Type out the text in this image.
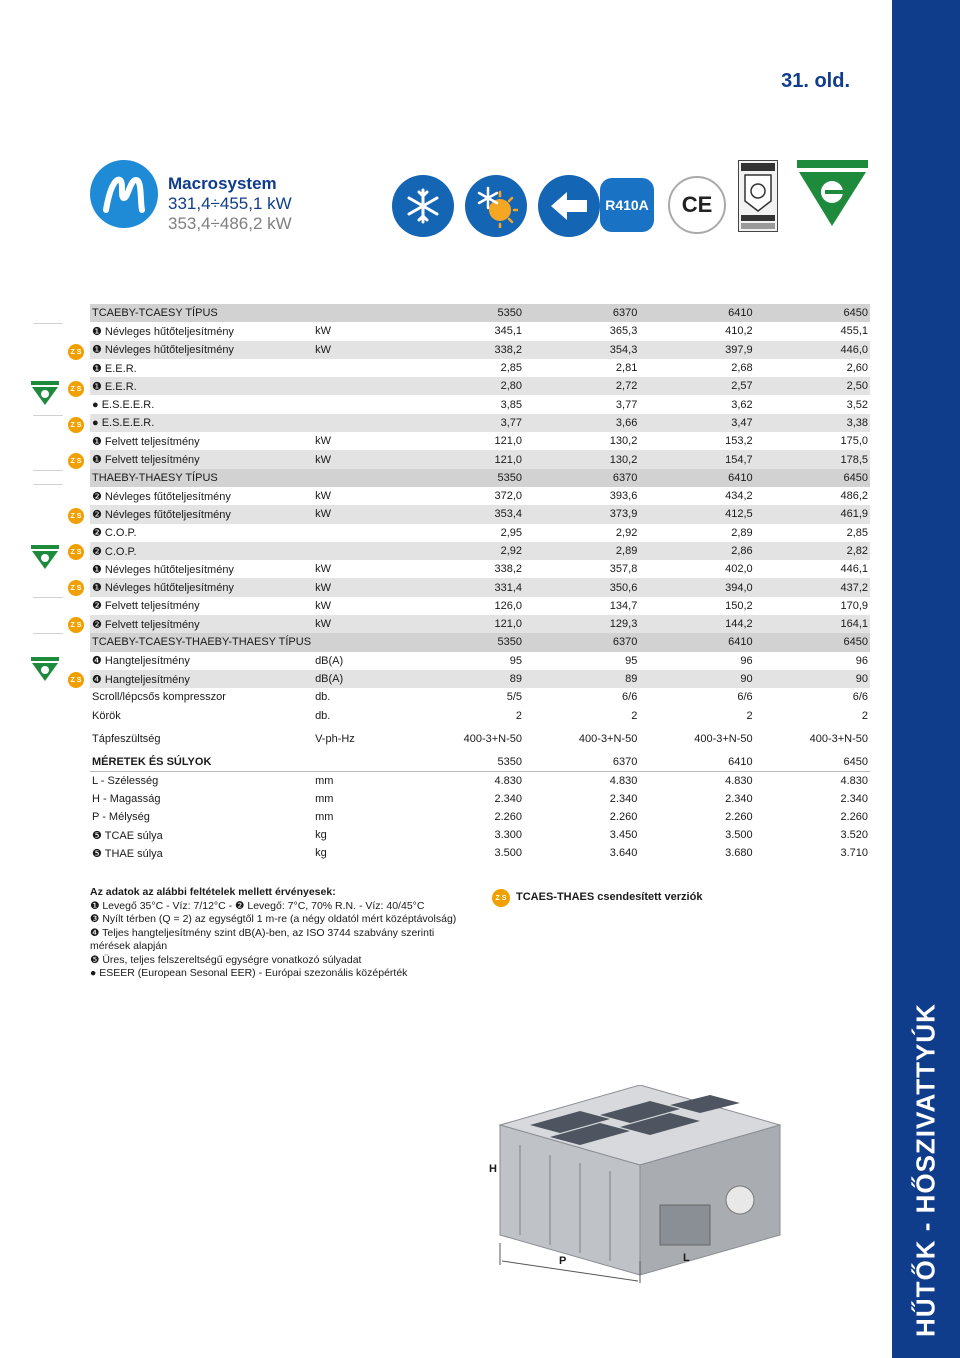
HŰTŐK - HŐSZIVATTYÚK
31. old.
Macrosystem
331,4÷455,1 kW
353,4÷486,2 kW
R410A	CE
Z S
Z S
Z S
Z S
Z S
Z S
Z S
Z S
Z S
TCAEBY-TCAESY TÍPUS		5350	6370	6410	6450
❶ Névleges hűtőteljesítmény	kW	345,1	365,3	410,2	455,1
❶ Névleges hűtőteljesítmény	kW	338,2	354,3	397,9	446,0
❶ E.E.R.		2,85	2,81	2,68	2,60
❶ E.E.R.		2,80	2,72	2,57	2,50
● E.S.E.E.R.		3,85	3,77	3,62	3,52
● E.S.E.E.R.		3,77	3,66	3,47	3,38
❶ Felvett teljesítmény	kW	121,0	130,2	153,2	175,0
❶ Felvett teljesítmény	kW	121,0	130,2	154,7	178,5
THAEBY-THAESY TÍPUS		5350	6370	6410	6450
❷ Névleges fűtőteljesítmény	kW	372,0	393,6	434,2	486,2
❷ Névleges fűtőteljesítmény	kW	353,4	373,9	412,5	461,9
❷ C.O.P.		2,95	2,92	2,89	2,85
❷ C.O.P.		2,92	2,89	2,86	2,82
❶ Névleges hűtőteljesítmény	kW	338,2	357,8	402,0	446,1
❶ Névleges hűtőteljesítmény	kW	331,4	350,6	394,0	437,2
❷ Felvett teljesítmény	kW	126,0	134,7	150,2	170,9
❷ Felvett teljesítmény	kW	121,0	129,3	144,2	164,1
TCAEBY-TCAESY-THAEBY-THAESY TÍPUS		5350	6370	6410	6450
❹ Hangteljesítmény	dB(A)	95	95	96	96
❹ Hangteljesítmény	dB(A)	89	89	90	90
Scroll/lépcsős kompresszor	db.	5/5	6/6	6/6	6/6
Körök	db.	2	2	2	2
Tápfeszültség	V-ph-Hz	400-3+N-50	400-3+N-50	400-3+N-50	400-3+N-50
MÉRETEK ÉS SÚLYOK		5350	6370	6410	6450
L - Szélesség	mm	4.830	4.830	4.830	4.830
H - Magasság	mm	2.340	2.340	2.340	2.340
P - Mélység	mm	2.260	2.260	2.260	2.260
❺ TCAE súlya	kg	3.300	3.450	3.500	3.520
❺ THAE súlya	kg	3.500	3.640	3.680	3.710
Az adatok az alábbi feltételek mellett érvényesek:
❶ Levegő 35°C - Víz: 7/12°C - ❷ Levegő: 7°C, 70% R.N. - Víz: 40/45°C
❸ Nyílt térben (Q = 2) az egységtől 1 m-re (a négy oldatól mért középtávolság)
❹ Teljes hangteljesítmény szint dB(A)-ben, az ISO 3744 szabvány szerinti mérések alapján
❺ Üres, teljes felszereltségű egységre vonatkozó súlyadat
● ESEER (European Sesonal EER) - Európai szezonális középérték
Z S TCAES-THAES csendesített verziók
H
P	L
